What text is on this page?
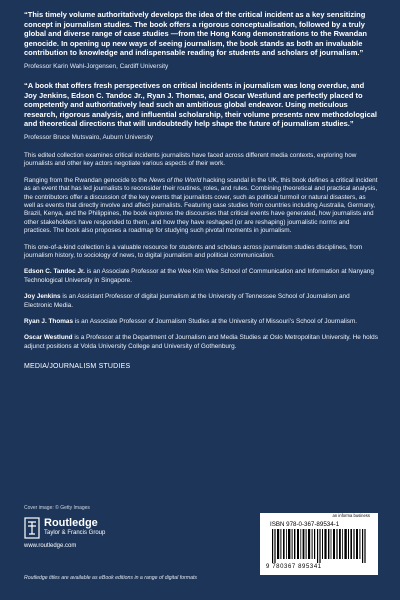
“This timely volume authoritatively develops the idea of the critical incident as a key sensitizing concept in journalism studies. The book offers a rigorous conceptualisation, followed by a truly global and diverse range of case studies —from the Hong Kong demonstrations to the Rwandan genocide. In opening up new ways of seeing journalism, the book stands as both an invaluable contribution to knowledge and indispensable reading for students and scholars of journalism.”

Professor Karin Wahl-Jorgensen, Cardiff University

“A book that offers fresh perspectives on critical incidents in journalism was long overdue, and Joy Jenkins, Edson C. Tandoc Jr., Ryan J. Thomas, and Oscar Westlund are perfectly placed to competently and authoritatively lead such an ambitious global endeavor. Using meticulous research, rigorous analysis, and influential scholarship, their volume presents new methodological and theoretical directions that will undoubtedly help shape the future of journalism studies.”

Professor Bruce Mutsvairo, Auburn University

This edited collection examines critical incidents journalists have faced across different media contexts, exploring how journalists and other key actors negotiate various aspects of their work.

Ranging from the Rwandan genocide to the News of the World hacking scandal in the UK, this book defines a critical incident as an event that has led journalists to reconsider their routines, roles, and rules. Combining theoretical and practical analysis, the contributors offer a discussion of the key events that journalists cover, such as political turmoil or natural disasters, as well as events that directly involve and affect journalists. Featuring case studies from countries including Australia, Germany, Brazil, Kenya, and the Philippines, the book explores the discourses that critical events have generated, how journalists and other stakeholders have responded to them, and how they have reshaped (or are reshaping) journalistic norms and practices. The book also proposes a roadmap for studying such pivotal moments in journalism.

This one-of-a-kind collection is a valuable resource for students and scholars across journalism studies disciplines, from journalism history, to sociology of news, to digital journalism and political communication.

Edson C. Tandoc Jr. is an Associate Professor at the Wee Kim Wee School of Communication and Information at Nanyang Technological University in Singapore.

Joy Jenkins is an Assistant Professor of digital journalism at the University of Tennessee School of Journalism and Electronic Media.

Ryan J. Thomas is an Associate Professor of Journalism Studies at the University of Missouri’s School of Journalism.

Oscar Westlund is a Professor at the Department of Journalism and Media Studies at Oslo Metropolitan University. He holds adjunct positions at Volda University College and University of Gothenburg.

MEDIA/JOURNALISM STUDIES

Cover image: © Getty Images
Routledge
Taylor & Francis Group
www.routledge.com
Routledge titles are available as eBook editions in a range of digital formats
an informa business
ISBN 978-0-367-89534-1
9 780367 895341
